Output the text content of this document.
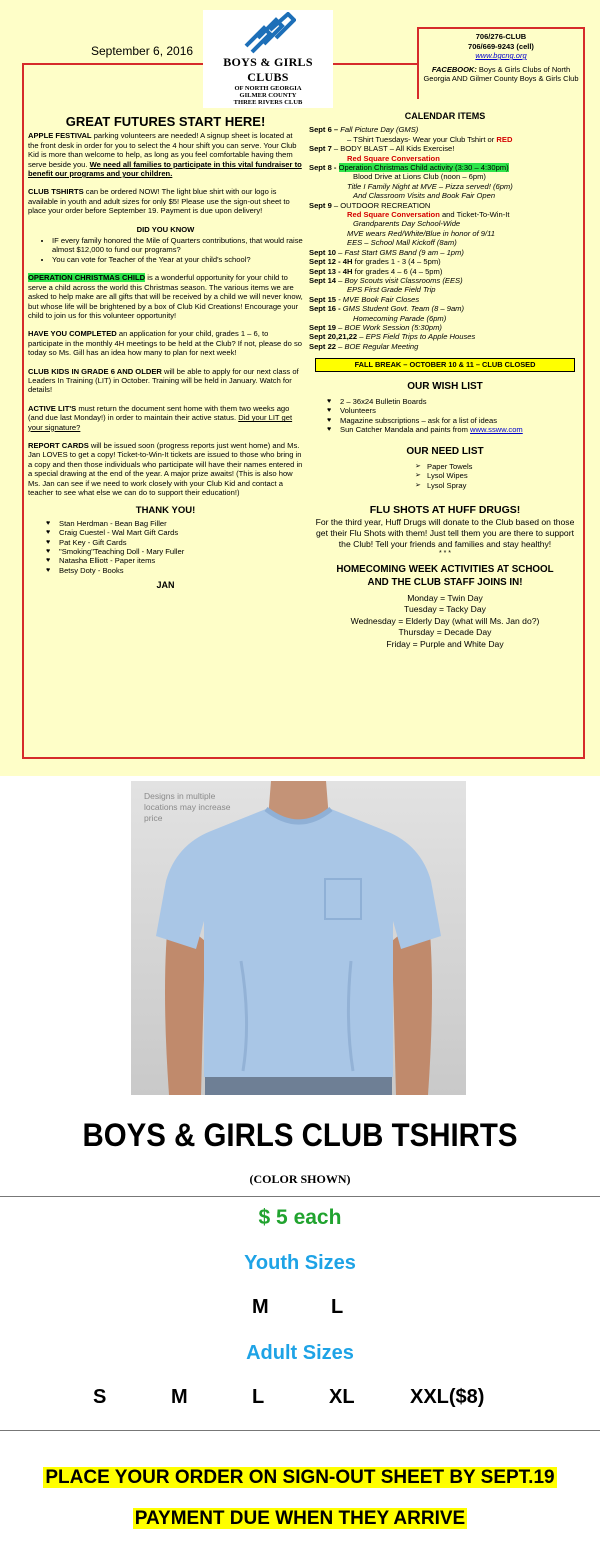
September 6, 2016
BOYS & GIRLS CLUBS
OF NORTH GEORGIA
GILMER COUNTY
THREE RIVERS CLUB
706/276-CLUB
706/669-9243 (cell)
www.bgcng.org
FACEBOOK: Boys & Girls Clubs of North Georgia AND Gilmer County Boys & Girls Club
GREAT FUTURES START HERE!

APPLE FESTIVAL parking volunteers are needed! A signup sheet is located at the front desk in order for you to select the 4 hour shift you can serve. Your Club Kid is more than welcome to help, as long as you feel comfortable having them serve beside you. We need all families to participate in this vital fundraiser to benefit our programs and your children.

CLUB TSHIRTS can be ordered NOW! The light blue shirt with our logo is available in youth and adult sizes for only $5! Please use the sign-out sheet to place your order before September 19. Payment is due upon delivery!

DID YOU KNOW
• IF every family honored the Mile of Quarters contributions, that would raise almost $12,000 to fund our programs?
• You can vote for Teacher of the Year at your child's school?

OPERATION CHRISTMAS CHILD is a wonderful opportunity for your child to serve a child across the world this Christmas season. The various items we are asked to help make are all gifts that will be received by a child we will never know, but whose life will be brightened by a box of Club Kid Creations! Encourage your child to join us for this volunteer opportunity!

HAVE YOU COMPLETED an application for your child, grades 1 – 6, to participate in the monthly 4H meetings to be held at the Club? If not, please do so today so Ms. Gill has an idea how many to plan for next week!

CLUB KIDS IN GRADE 6 AND OLDER will be able to apply for our next class of Leaders In Training (LIT) in October. Training will be held in January. Watch for details!

ACTIVE LIT'S must return the document sent home with them two weeks ago (and due last Monday!) in order to maintain their active status. Did your LIT get your signature?

REPORT CARDS will be issued soon (progress reports just went home) and Ms. Jan LOVES to get a copy! Ticket-to-Win-It tickets are issued to those who bring in a copy and then those individuals who participate will have their names entered in a special drawing at the end of the year. A major prize awaits! (This is also how Ms. Jan can see if we need to work closely with your Club Kid and contact a teacher to see what else we can do to support their education!)

THANK YOU!
♥ Stan Herdman - Bean Bag Filler
♥ Craig Cuestel - Wal Mart Gift Cards
♥ Pat Key - Gift Cards
♥ "Smoking"Teaching Doll - Mary Fuller
♥ Natasha Elliott - Paper items
♥ Betsy Doty - Books
JAN
CALENDAR ITEMS
Sept 6 – Fall Picture Day (GMS)
– TShirt Tuesdays- Wear your Club Tshirt or RED
Sept 7 – BODY BLAST – All Kids Exercise!
Red Square Conversation
Sept 8 - Operation Christmas Child activity (3:30 – 4:30pm)
Blood Drive at Lions Club (noon – 6pm)
Title I Family Night at MVE – Pizza served! (6pm)
And Classroom Visits and Book Fair Open
Sept 9 – OUTDOOR RECREATION
Red Square Conversation and Ticket-To-Win-It
Grandparents Day School-Wide
MVE wears Red/White/Blue in honor of 9/11
EES – School Mall Kickoff (8am)
Sept 10 – Fast Start GMS Band (9 am – 1pm)
Sept 12 - 4H for grades 1 - 3 (4 – 5pm)
Sept 13 - 4H for grades 4 – 6 (4 – 5pm)
Sept 14 – Boy Scouts visit Classrooms (EES)
EPS First Grade Field Trip
Sept 15 - MVE Book Fair Closes
Sept 16 - GMS Student Govt. Team (8 – 9am)
Homecoming Parade (6pm)
Sept 19 – BOE Work Session (5:30pm)
Sept 20,21,22 – EPS Field Trips to Apple Houses
Sept 22 – BOE Regular Meeting
FALL BREAK – OCTOBER 10 & 11 – CLUB CLOSED
OUR WISH LIST
♥ 2 – 36x24 Bulletin Boards
♥ Volunteers
♥ Magazine subscriptions – ask for a list of ideas
♥ Sun Catcher Mandala and paints from www.ssww.com
OUR NEED LIST
➢ Paper Towels
➢ Lysol Wipes
➢ Lysol Spray
FLU SHOTS AT HUFF DRUGS!

For the third year, Huff Drugs will donate to the Club based on those get their Flu Shots with them! Just tell them you are there to support the Club! Tell your friends and families and stay healthy!

* * *
HOMECOMING WEEK ACTIVITIES AT SCHOOL
AND THE CLUB STAFF JOINS IN!
Monday = Twin Day
Tuesday = Tacky Day
Wednesday = Elderly Day (what will Ms. Jan do?)
Thursday = Decade Day
Friday = Purple and White Day
Designs in multiple locations may increase price
BOYS & GIRLS CLUB TSHIRTS
(COLOR SHOWN)
$ 5 each
Youth Sizes
M	L
Adult Sizes
S	M	L	XL	XXL($8)
PLACE YOUR ORDER ON SIGN-OUT SHEET BY SEPT.19
PAYMENT DUE WHEN THEY ARRIVE
